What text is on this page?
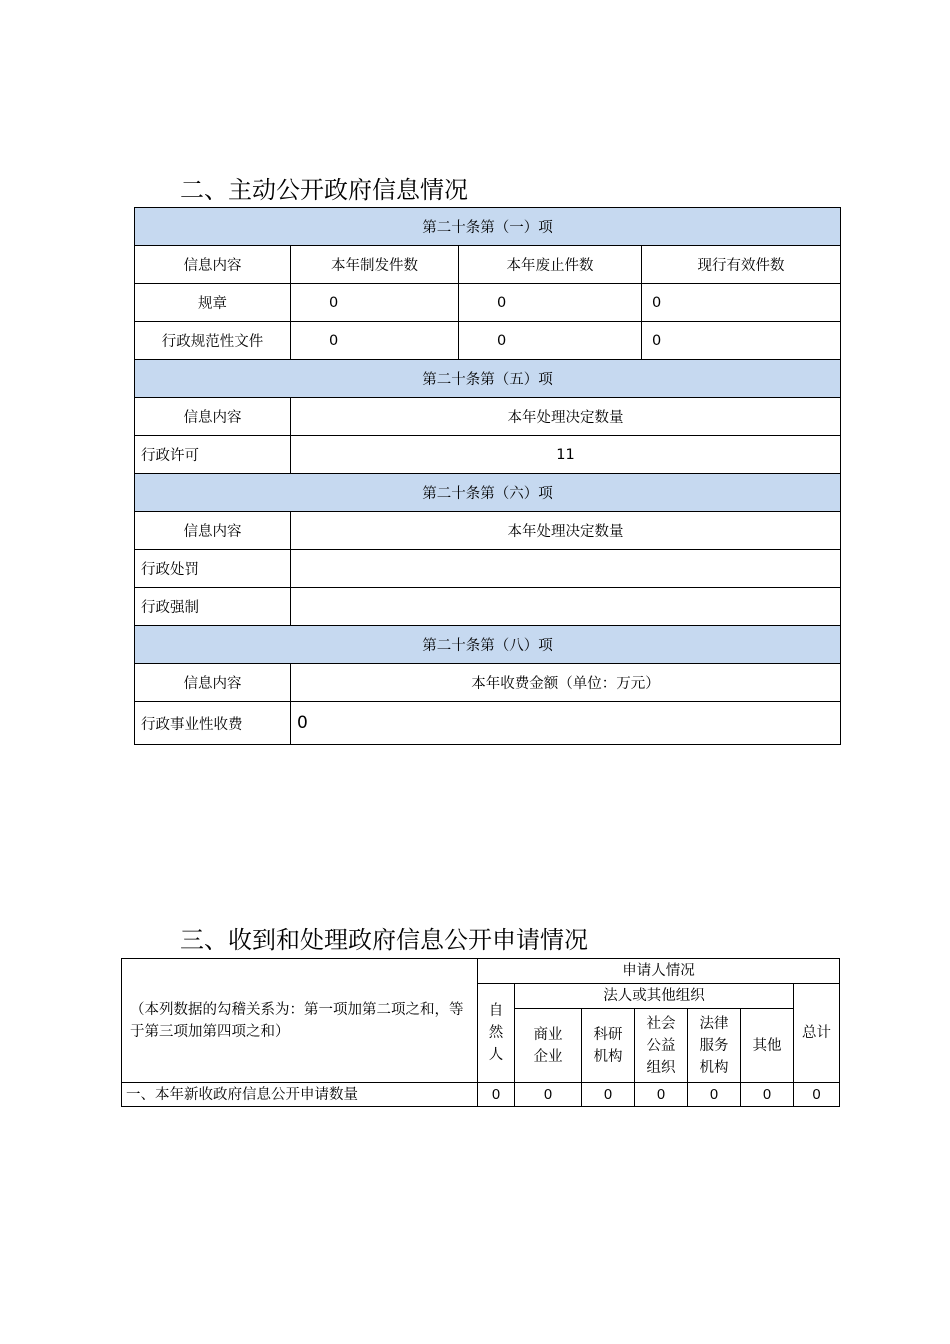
二、主动公开政府信息情况
第二十条第（一）项			
信息内容	本年制发件数	本年废止件数	现行有效件数
规章	0	0	0
行政规范性文件	0	0	0
第二十条第（五）项			
信息内容	本年处理决定数量		
行政许可	11		
第二十条第（六）项			
信息内容	本年处理决定数量		
行政处罚			
行政强制			
第二十条第（八）项			
信息内容	本年收费金额（单位：万元）		
行政事业性收费	0		
三、收到和处理政府信息公开申请情况
（本列数据的勾稽关系为：第一项加第二项之和，等于第三项加第四项之和）	申请人情况						
	自然人	法人或其他组织					总计
		商业企业	科研机构	社会公益组织	法律服务机构	其他	
一、本年新收政府信息公开申请数量	0	0	0	0	0	0	0
